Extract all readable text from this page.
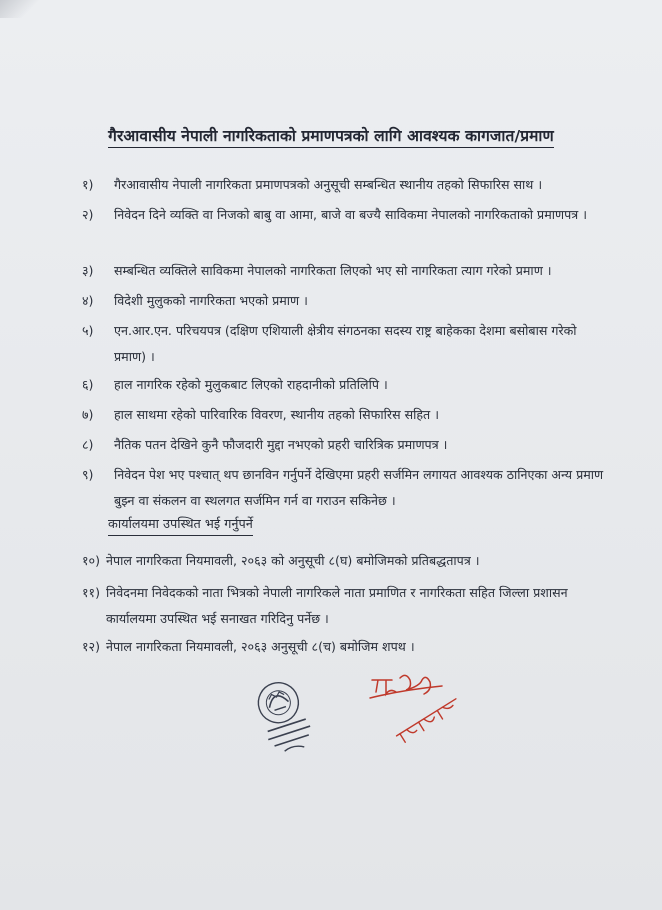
गैरआवासीय नेपाली नागरिकताको प्रमाणपत्रको लागि आवश्यक कागजात/प्रमाण
१)	गैरआवासीय नेपाली नागरिकता प्रमाणपत्रको अनुसूची सम्बन्धित स्थानीय तहको सिफारिस साथ ।
२)	निवेदन दिने व्यक्ति वा निजको बाबु वा आमा, बाजे वा बज्यै साविकमा नेपालको नागरिकताको प्रमाणपत्र ।
३)	सम्बन्धित व्यक्तिले साविकमा नेपालको नागरिकता लिएको भए सो नागरिकता त्याग गरेको प्रमाण ।
४)	विदेशी मुलुकको नागरिकता भएको प्रमाण ।
५)	एन.आर.एन. परिचयपत्र (दक्षिण एशियाली क्षेत्रीय संगठनका सदस्य राष्ट्र बाहेकका देशमा बसोबास गरेको प्रमाण) ।
६)	हाल नागरिक रहेको मुलुकबाट लिएको राहदानीको प्रतिलिपि ।
७)	हाल साथमा रहेको पारिवारिक विवरण, स्थानीय तहको सिफारिस सहित ।
८)	नैतिक पतन देखिने कुनै फौजदारी मुद्दा नभएको प्रहरी चारित्रिक प्रमाणपत्र ।
९)	निवेदन पेश भए पश्चात् थप छानविन गर्नुपर्ने देखिएमा प्रहरी सर्जमिन लगायत आवश्यक ठानिएका अन्य प्रमाण बुझ्न वा संकलन वा स्थलगत सर्जमिन गर्न वा गराउन सकिनेछ ।
कार्यालयमा उपस्थित भई गर्नुपर्ने
१०) नेपाल नागरिकता नियमावली, २०६३ को अनुसूची ८(घ) बमोजिमको प्रतिबद्धतापत्र ।
११) निवेदनमा निवेदकको नाता भित्रको नेपाली नागरिकले नाता प्रमाणित र नागरिकता सहित जिल्ला प्रशासन कार्यालयमा उपस्थित भई सनाखत गरिदिनु पर्नेछ ।
१२) नेपाल नागरिकता नियमावली, २०६३ अनुसूची ८(च) बमोजिम शपथ ।
